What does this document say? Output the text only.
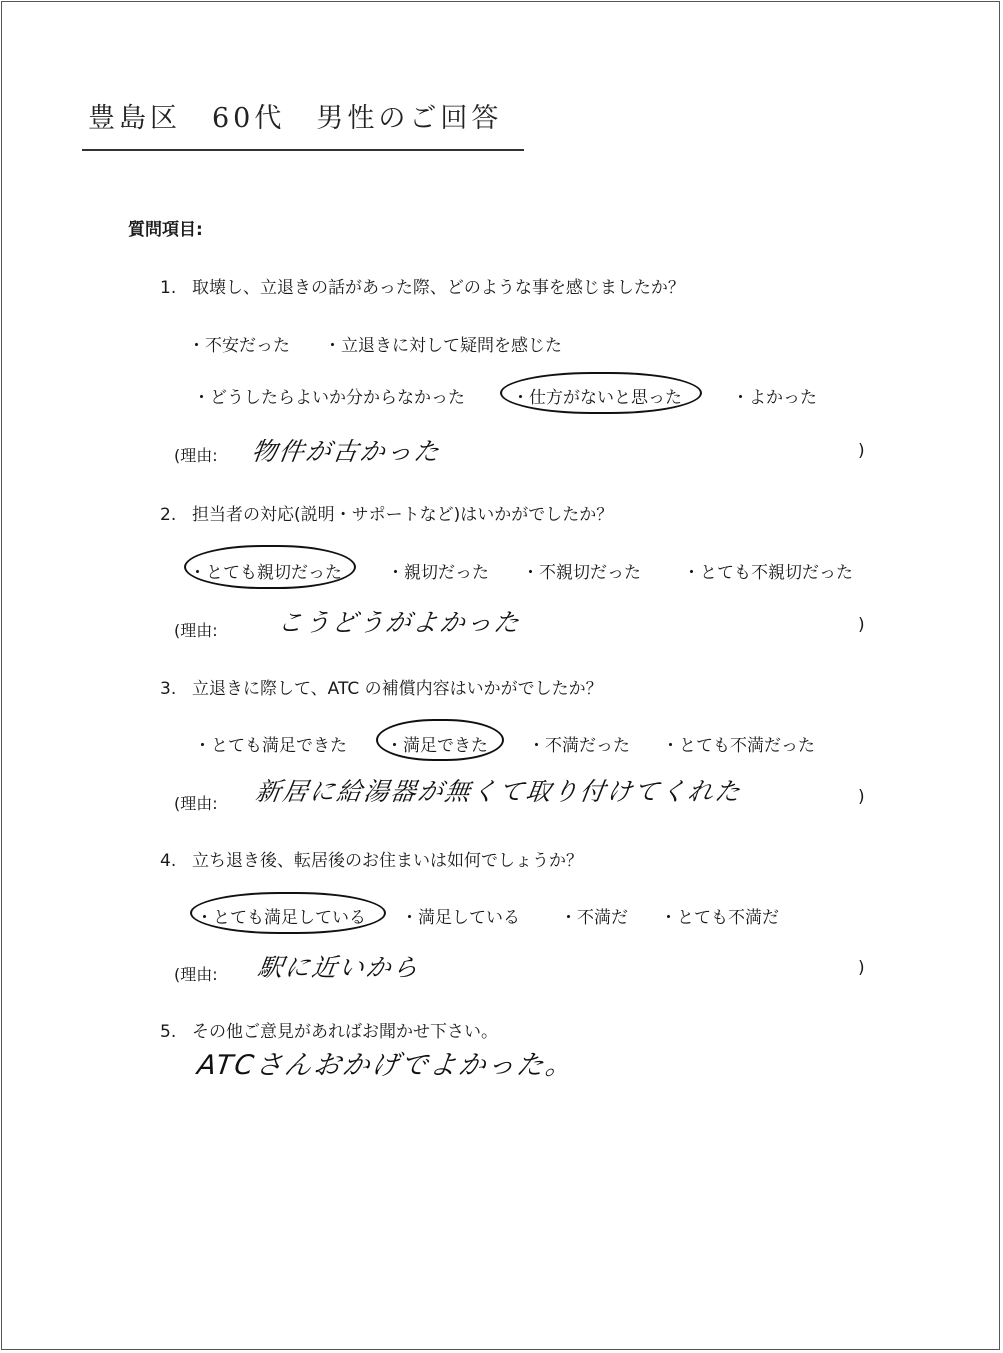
豊島区　60代　男性のご回答
質問項目:
1. 取壊し、立退きの話があった際、どのような事を感じましたか？
・不安だった ・立退きに対して疑問を感じた
・どうしたらよいか分からなかった	・仕方がないと思った	・よかった
(理由: 物件が古かった	)
2. 担当者の対応(説明・サポートなど)はいかがでしたか？
・とても親切だった	・親切だった ・不親切だった ・とても不親切だった
(理由: こうどうがよかった	)
3. 立退きに際して、ATC の補償内容はいかがでしたか？
・とても満足できた ・満足できた ・不満だった ・とても不満だった
(理由: 新居に給湯器が無くて取り付けてくれた	)
4. 立ち退き後、転居後のお住まいは如何でしょうか？
・とても満足している ・満足している ・不満だ ・とても不満だ
(理由: 駅に近いから	)
5. その他ご意見があればお聞かせ下さい。
ATCさんおかげでよかった。
